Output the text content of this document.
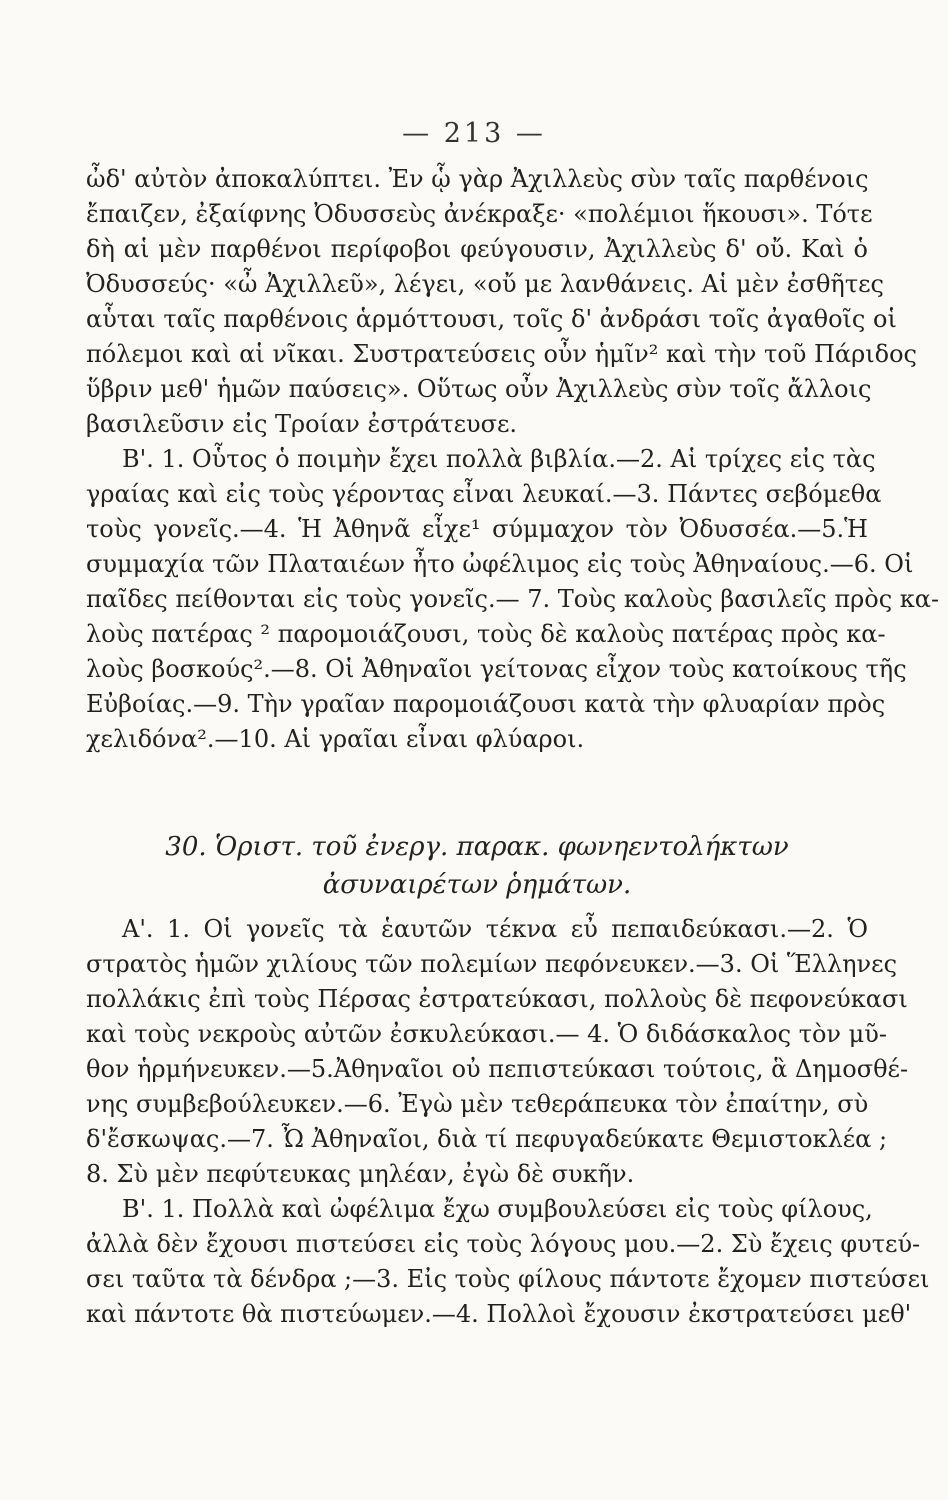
— 213 —
ὦδ' αὐτὸν ἀποκαλύπτει. Ἐν ᾧ γὰρ Ἀχιλλεὺς σὺν ταῖς παρθένοις
ἔπαιζεν, ἐξαίφνης Ὀδυσσεὺς ἀνέκραξε· «πολέμιοι ἥκουσι». Τότε
δὴ αἱ μὲν παρθένοι περίφοβοι φεύγουσιν, Ἀχιλλεὺς δ' οὔ. Καὶ ὁ
Ὀδυσσεύς· «ὦ Ἀχιλλεῦ», λέγει, «οὔ με λανθάνεις. Αἱ μὲν ἐσθῆτες
αὗται ταῖς παρθένοις ἁρμόττουσι, τοῖς δ' ἀνδράσι τοῖς ἀγαθοῖς οἱ
πόλεμοι καὶ αἱ νῖκαι. Συστρατεύσεις οὖν ἡμῖν² καὶ τὴν τοῦ Πάριδος
ὕβριν μεθ' ἡμῶν παύσεις». Οὕτως οὖν Ἀχιλλεὺς σὺν τοῖς ἄλλοις
βασιλεῦσιν εἰς Τροίαν ἐστράτευσε.
Β'. 1. Οὗτος ὁ ποιμὴν ἔχει πολλὰ βιβλία.—2. Αἱ τρίχες εἰς τὰς
γραίας καὶ εἰς τοὺς γέροντας εἶναι λευκαί.—3. Πάντες σεβόμεθα
τοὺς γονεῖς.—4. Ἡ Ἀθηνᾶ εἶχε¹ σύμμαχον τὸν Ὀδυσσέα.—5.Ἡ
συμμαχία τῶν Πλαταιέων ἦτο ὠφέλιμος εἰς τοὺς Ἀθηναίους.—6. Οἱ
παῖδες πείθονται εἰς τοὺς γονεῖς.— 7. Τοὺς καλοὺς βασιλεῖς πρὸς κα-
λοὺς πατέρας ² παρομοιάζουσι, τοὺς δὲ καλοὺς πατέρας πρὸς κα-
λοὺς βοσκούς².—8. Οἱ Ἀθηναῖοι γείτονας εἶχον τοὺς κατοίκους τῆς
Εὐβοίας.—9. Τὴν γραῖαν παρομοιάζουσι κατὰ τὴν φλυαρίαν πρὸς
χελιδόνα².—10. Αἱ γραῖαι εἶναι φλύαροι.
30. Ὁριστ. τοῦ ἐνεργ. παρακ. φωνηεντολήκτων
ἀσυναιρέτων ῥημάτων.
Α'. 1. Οἱ γονεῖς τὰ ἑαυτῶν τέκνα εὖ πεπαιδεύκασι.—2. Ὁ
στρατὸς ἡμῶν χιλίους τῶν πολεμίων πεφόνευκεν.—3. Οἱ Ἕλληνες
πολλάκις ἐπὶ τοὺς Πέρσας ἐστρατεύκασι, πολλοὺς δὲ πεφονεύκασι
καὶ τοὺς νεκροὺς αὐτῶν ἐσκυλεύκασι.— 4. Ὁ διδάσκαλος τὸν μῦ-
θον ἡρμήνευκεν.—5.Ἀθηναῖοι οὐ πεπιστεύκασι τούτοις, ἃ Δημοσθέ-
νης συμβεβούλευκεν.—6. Ἐγὼ μὲν τεθεράπευκα τὸν ἐπαίτην, σὺ
δ'ἔσκωψας.—7. Ὦ Ἀθηναῖοι, διὰ τί πεφυγαδεύκατε Θεμιστοκλέα ;
8. Σὺ μὲν πεφύτευκας μηλέαν, ἐγὼ δὲ συκῆν.
Β'. 1. Πολλὰ καὶ ὠφέλιμα ἔχω συμβουλεύσει εἰς τοὺς φίλους,
ἀλλὰ δὲν ἔχουσι πιστεύσει εἰς τοὺς λόγους μου.—2. Σὺ ἔχεις φυτεύ-
σει ταῦτα τὰ δένδρα ;—3. Εἰς τοὺς φίλους πάντοτε ἔχομεν πιστεύσει
καὶ πάντοτε θὰ πιστεύωμεν.—4. Πολλοὶ ἔχουσιν ἐκστρατεύσει μεθ'
